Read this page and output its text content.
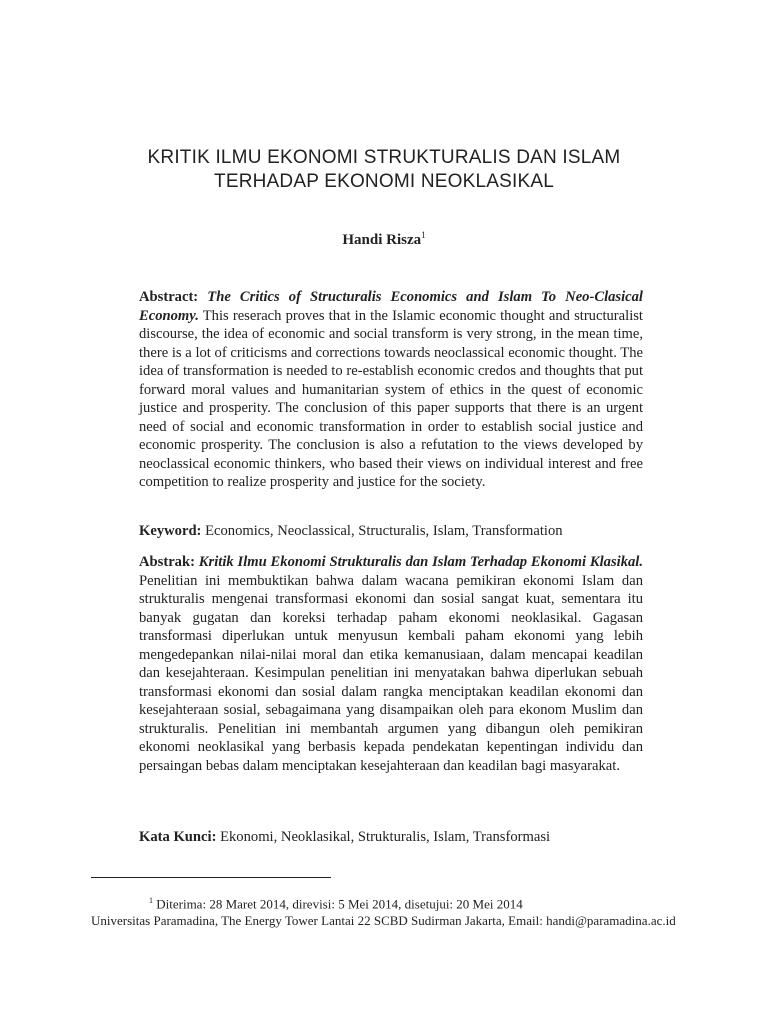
KRITIK ILMU EKONOMI STRUKTURALIS DAN ISLAM
TERHADAP EKONOMI NEOKLASIKAL
Handi Risza$^1$

Abstract: The Critics of Structuralis Economics and Islam To Neo-Clasical Economy. This reserach proves that in the Islamic economic thought and structuralist discourse, the idea of economic and social transform is very strong, in the mean time, there is a lot of criticisms and corrections towards neoclassical economic thought. The idea of transformation is needed to re-establish economic credos and thoughts that put forward moral values and humanitarian system of ethics in the quest of economic justice and prosperity. The conclusion of this paper supports that there is an urgent need of social and economic transformation in order to establish social justice and economic prosperity. The conclusion is also a refutation to the views developed by neoclassical economic thinkers, who based their views on individual interest and free competition to realize prosperity and justice for the society.

Keyword: Economics, Neoclassical, Structuralis, Islam, Transformation

Abstrak: Kritik Ilmu Ekonomi Strukturalis dan Islam Terhadap Ekonomi Klasikal. Penelitian ini membuktikan bahwa dalam wacana pemikiran ekonomi Islam dan strukturalis mengenai transformasi ekonomi dan sosial sangat kuat, sementara itu banyak gugatan dan koreksi terhadap paham ekonomi neoklasikal. Gagasan transformasi diperlukan untuk menyusun kembali paham ekonomi yang lebih mengedepankan nilai-nilai moral dan etika kemanusiaan, dalam mencapai keadilan dan kesejahteraan. Kesimpulan penelitian ini menyatakan bahwa diperlukan sebuah transformasi ekonomi dan sosial dalam rangka menciptakan keadilan ekonomi dan kesejahteraan sosial, sebagaimana yang disampaikan oleh para ekonom Muslim dan strukturalis. Penelitian ini membantah argumen yang dibangun oleh pemikiran ekonomi neoklasikal yang berbasis kepada pendekatan kepentingan individu dan persaingan bebas dalam menciptakan kesejahteraan dan keadilan bagi masyarakat.

Kata Kunci: Ekonomi, Neoklasikal, Strukturalis, Islam, Transformasi

$^1$ Diterima: 28 Maret 2014, direvisi: 5 Mei 2014, disetujui: 20 Mei 2014
Universitas Paramadina, The Energy Tower Lantai 22 SCBD Sudirman Jakarta, Email: handi@paramadina.ac.id
